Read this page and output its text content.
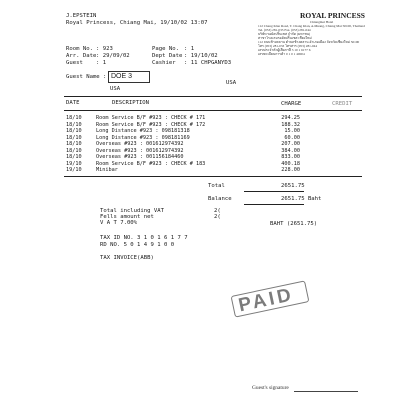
ROYAL PRINCESS
Chiangmai Hotel
112 Chang Klan Road, T. Chang Klan, A.Muang, Chiang Mai 50100, Thailand
Tel. (053) 281-033 Fax. (053) 281-044
บริษัท รอยัลปริ้นเซส จำกัด (มหาชน)
สาขาโรงแรมรอยัลปริ้นเซส เชียงใหม่
112 ถนนช้างคลาน ตำบลช้างคลาน อำเภอเมือง จังหวัดเชียงใหม่ 50100
โทร (053) 281-033 โทรสาร (053) 281-044
เลขประจำตัวผู้เสียภาษี 3 10 1 6177 6
เลขทะเบียนการค้า 0 1 0 1 40004
J.EPSTEIN
Royal Princess, Chiang Mai, 19/10/02 13:07
Room No. : 923	Page No. : 1
Arr. Date : 29/09/02	Dept Date : 19/10/02
Guest : 1	Cashier : 11 CHPGANYD3
Guest Name : DOE 3
USA
USA
DATE	DESCRIPTION	CHARGE	CREDIT
18/10	Room Service B/F #923 : CHECK # 171	294.25
18/10	Room Service B/F #923 : CHECK # 172	188.32
18/10	Long Distance #923 : 098181318	15.00
18/10	Long Distance #923 : 098181169	60.00
18/10	Overseas #923 : 001612974392	207.00
18/10	Overseas #923 : 001612974392	384.00
18/10	Overseas #923 : 001156184460	833.00
19/10	Room Service B/F #923 : CHECK # 183	400.18
19/10	Minibar	228.00
Total	2651.75
Balance	2651.75 Baht
Total including VAT
Fells amount net
V A T 7.00%
2(
2(
BAHT (2651.75)
TAX ID NO. 3 1 0 1 6 1 7 7
RD NO. 5 0 1 4 9 1 0 0
TAX INVOICE(ABB)
PAID
Guest's signature
